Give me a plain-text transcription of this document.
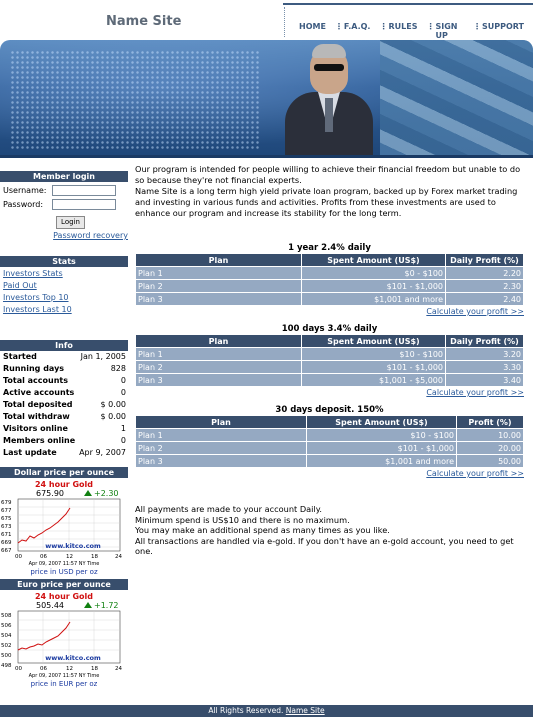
Name Site	HOME	⋮ F.A.Q.	⋮ RULES	⋮ SIGN UP
⋮ SUPPORT
Member login
Username:
Password:
Login
Password recovery
Stats
Investors Stats
Paid Out
Investors Top 10
Investors Last 10
Info
Started	Jan 1, 2005
Running days	828
Total accounts	0
Active accounts	0
Total deposited	$ 0.00
Total withdraw	$ 0.00
Visitors online	1
Members online	0
Last update	Apr 9, 2007
Dollar price per ounce
24 hour Gold
675.90	+2.30
679
677
675
673
671
669
667
00	06	12	18	24
www.kitco.com
Apr 09, 2007 11:57 NY Time
price in USD per oz
Euro price per ounce
24 hour Gold
505.44	+1.72
508
506
504
502
500
498 00	06	12	18	24
www.kitco.com
Apr 09, 2007 11:57 NY Time
price in EUR per oz
Our program is intended for people willing to achieve their financial freedom but unable to do so because they're not financial experts.
Name Site is a long term high yield private loan program, backed up by Forex market trading and investing in various funds and activities. Profits from these investments are used to enhance our program and increase its stability for the long term.
1 year 2.4% daily
Plan	Spent Amount (US$)	Daily Profit (%)
Plan 1	$0 - $100	2.20
Plan 2	$101 - $1,000	2.30
Plan 3	$1,001 and more	2.40
Calculate your profit >>
100 days 3.4% daily
Plan	Spent Amount (US$)	Daily Profit (%)
Plan 1	$10 - $100	3.20
Plan 2	$101 - $1,000	3.30
Plan 3	$1,001 - $5,000	3.40
Calculate your profit >>
30 days deposit. 150%
Plan	Spent Amount (US$)	Profit (%)
Plan 1	$10 - $100	10.00
Plan 2	$101 - $1,000	20.00
Plan 3	$1,001 and more	50.00
Calculate your profit >>
All payments are made to your account Daily.
Minimum spend is US$10 and there is no maximum.
You may make an additional spend as many times as you like.
All transactions are handled via e-gold. If you don't have an e-gold account, you need to get one.
All Rights Reserved. Name Site
